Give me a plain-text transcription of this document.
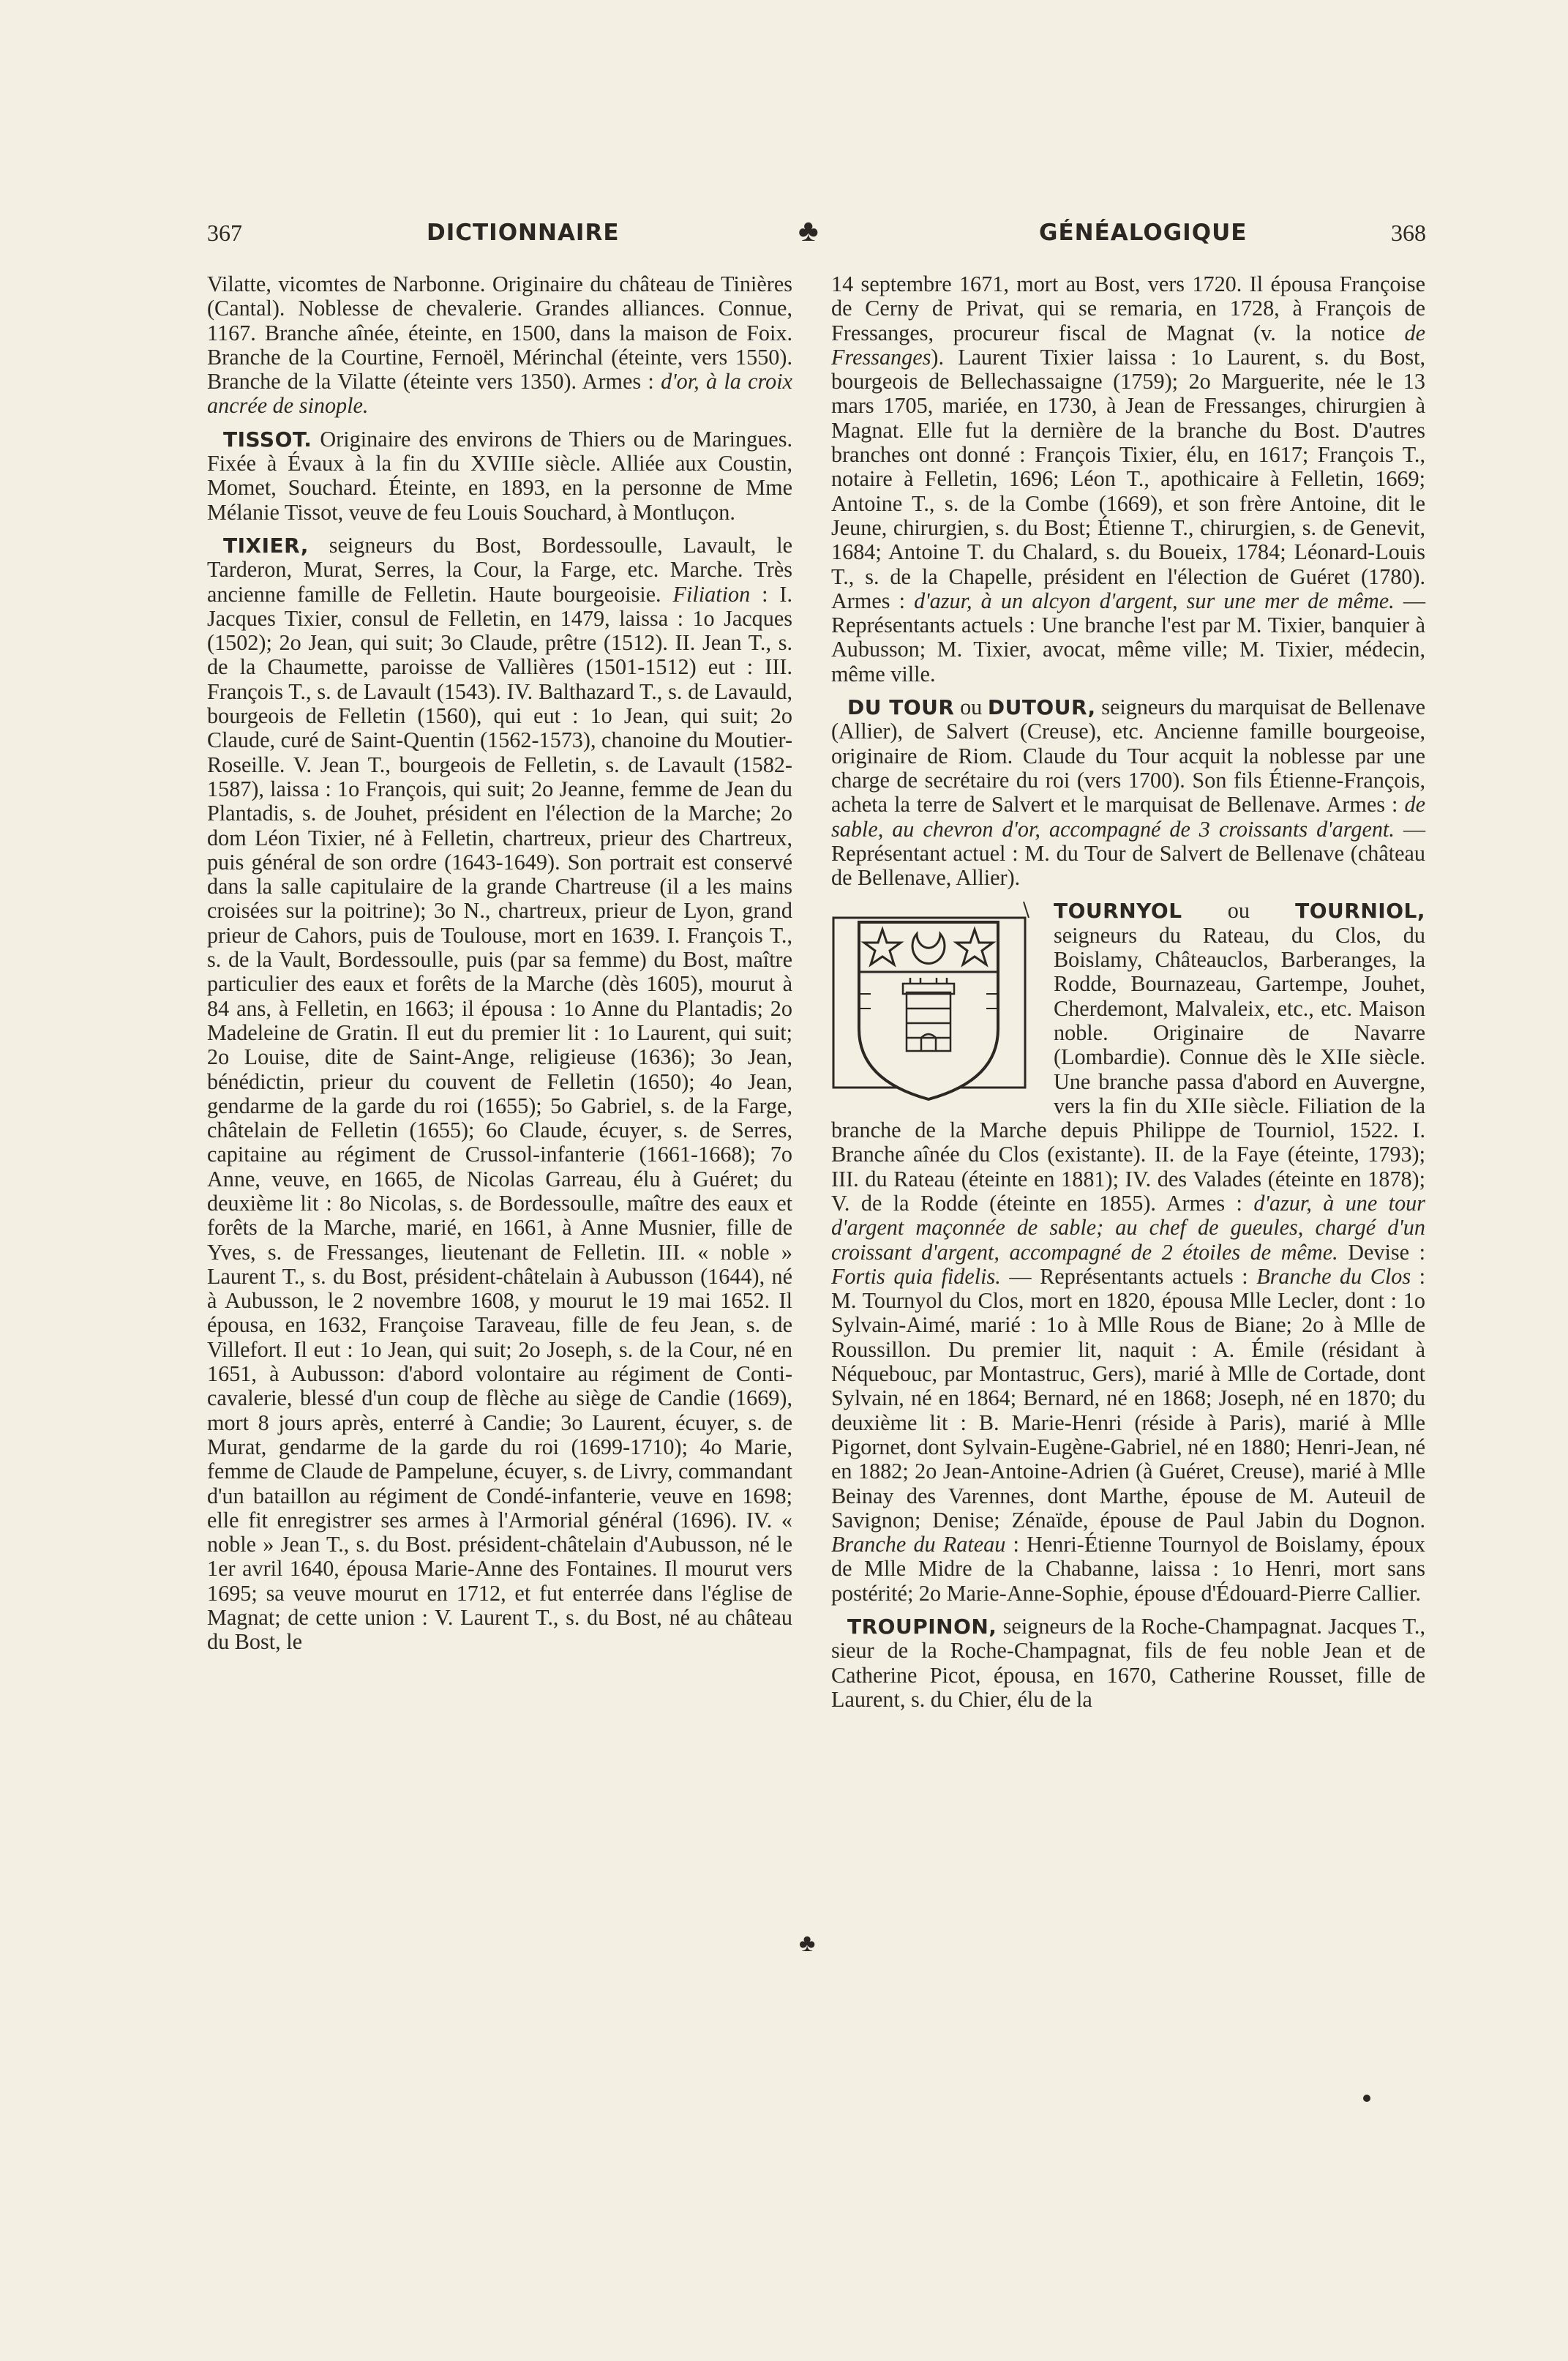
367	DICTIONNAIRE	♣	GÉNÉALOGIQUE	368

Vilatte, vicomtes de Narbonne. Originaire du château de Tinières (Cantal). Noblesse de chevalerie. Grandes alliances. Connue, 1167. Branche aînée, éteinte, en 1500, dans la maison de Foix. Branche de la Courtine, Fernoël, Mérinchal (éteinte, vers 1550). Branche de la Vilatte (éteinte vers 1350). Armes : d'or, à la croix ancrée de sinople.

TISSOT. Originaire des environs de Thiers ou de Maringues. Fixée à Évaux à la fin du XVIIIe siècle. Alliée aux Coustin, Momet, Souchard. Éteinte, en 1893, en la personne de Mme Mélanie Tissot, veuve de feu Louis Souchard, à Montluçon.

TIXIER, seigneurs du Bost, Bordessoulle, Lavault, le Tarderon, Murat, Serres, la Cour, la Farge, etc. Marche. Très ancienne famille de Felletin. Haute bourgeoisie. Filiation : I. Jacques Tixier, consul de Felletin, en 1479, laissa : 1o Jacques (1502); 2o Jean, qui suit; 3o Claude, prêtre (1512). II. Jean T., s. de la Chaumette, paroisse de Vallières (1501-1512) eut : III. François T., s. de Lavault (1543). IV. Balthazard T., s. de Lavauld, bourgeois de Felletin (1560), qui eut : 1o Jean, qui suit; 2o Claude, curé de Saint-Quentin (1562-1573), chanoine du Moutier-Roseille. V. Jean T., bourgeois de Felletin, s. de Lavault (1582-1587), laissa : 1o François, qui suit; 2o Jeanne, femme de Jean du Plantadis, s. de Jouhet, président en l'élection de la Marche; 2o dom Léon Tixier, né à Felletin, chartreux, prieur des Chartreux, puis général de son ordre (1643-1649). Son portrait est conservé dans la salle capitulaire de la grande Chartreuse (il a les mains croisées sur la poitrine); 3o N., chartreux, prieur de Lyon, grand prieur de Cahors, puis de Toulouse, mort en 1639. I. François T., s. de la Vault, Bordessoulle, puis (par sa femme) du Bost, maître particulier des eaux et forêts de la Marche (dès 1605), mourut à 84 ans, à Felletin, en 1663; il épousa : 1o Anne du Plantadis; 2o Madeleine de Gratin. Il eut du premier lit : 1o Laurent, qui suit; 2o Louise, dite de Saint-Ange, religieuse (1636); 3o Jean, bénédictin, prieur du couvent de Felletin (1650); 4o Jean, gendarme de la garde du roi (1655); 5o Gabriel, s. de la Farge, châtelain de Felletin (1655); 6o Claude, écuyer, s. de Serres, capitaine au régiment de Crussol-infanterie (1661-1668); 7o Anne, veuve, en 1665, de Nicolas Garreau, élu à Guéret; du deuxième lit : 8o Nicolas, s. de Bordessoulle, maître des eaux et forêts de la Marche, marié, en 1661, à Anne Musnier, fille de Yves, s. de Fressanges, lieutenant de Felletin. III. « noble » Laurent T., s. du Bost, président-châtelain à Aubusson (1644), né à Aubusson, le 2 novembre 1608, y mourut le 19 mai 1652. Il épousa, en 1632, Françoise Taraveau, fille de feu Jean, s. de Villefort. Il eut : 1o Jean, qui suit; 2o Joseph, s. de la Cour, né en 1651, à Aubusson: d'abord volontaire au régiment de Conti-cavalerie, blessé d'un coup de flèche au siège de Candie (1669), mort 8 jours après, enterré à Candie; 3o Laurent, écuyer, s. de Murat, gendarme de la garde du roi (1699-1710); 4o Marie, femme de Claude de Pampelune, écuyer, s. de Livry, commandant d'un bataillon au régiment de Condé-infanterie, veuve en 1698; elle fit enregistrer ses armes à l'Armorial général (1696). IV. « noble » Jean T., s. du Bost. président-châtelain d'Aubusson, né le 1er avril 1640, épousa Marie-Anne des Fontaines. Il mourut vers 1695; sa veuve mourut en 1712, et fut enterrée dans l'église de Magnat; de cette union : V. Laurent T., s. du Bost, né au château du Bost, le

♣

14 septembre 1671, mort au Bost, vers 1720. Il épousa Françoise de Cerny de Privat, qui se remaria, en 1728, à François de Fressanges, procureur fiscal de Magnat (v. la notice de Fressanges). Laurent Tixier laissa : 1o Laurent, s. du Bost, bourgeois de Bellechassaigne (1759); 2o Marguerite, née le 13 mars 1705, mariée, en 1730, à Jean de Fressanges, chirurgien à Magnat. Elle fut la dernière de la branche du Bost. D'autres branches ont donné : François Tixier, élu, en 1617; François T., notaire à Felletin, 1696; Léon T., apothicaire à Felletin, 1669; Antoine T., s. de la Combe (1669), et son frère Antoine, dit le Jeune, chirurgien, s. du Bost; Étienne T., chirurgien, s. de Genevit, 1684; Antoine T. du Chalard, s. du Boueix, 1784; Léonard-Louis T., s. de la Chapelle, président en l'élection de Guéret (1780). Armes : d'azur, à un alcyon d'argent, sur une mer de même. — Représentants actuels : Une branche l'est par M. Tixier, banquier à Aubusson; M. Tixier, avocat, même ville; M. Tixier, médecin, même ville.

DU TOUR ou DUTOUR, seigneurs du marquisat de Bellenave (Allier), de Salvert (Creuse), etc. Ancienne famille bourgeoise, originaire de Riom. Claude du Tour acquit la noblesse par une charge de secrétaire du roi (vers 1700). Son fils Étienne-François, acheta la terre de Salvert et le marquisat de Bellenave. Armes : de sable, au chevron d'or, accompagné de 3 croissants d'argent. — Représentant actuel : M. du Tour de Salvert de Bellenave (château de Bellenave, Allier).

TOURNYOL ou TOURNIOL, seigneurs du Rateau, du Clos, du Boislamy, Châteauclos, Barberanges, la Rodde, Bournazeau, Gartempe, Jouhet, Cherdemont, Malvaleix, etc., etc. Maison noble. Originaire de Navarre (Lombardie). Connue dès le XIIe siècle. Une branche passa d'abord en Auvergne, vers la fin du XIIe siècle. Filiation de la branche de la Marche depuis Philippe de Tourniol, 1522. I. Branche aînée du Clos (existante). II. de la Faye (éteinte, 1793); III. du Rateau (éteinte en 1881); IV. des Valades (éteinte en 1878); V. de la Rodde (éteinte en 1855). Armes : d'azur, à une tour d'argent maçonnée de sable; au chef de gueules, chargé d'un croissant d'argent, accompagné de 2 étoiles de même. Devise : Fortis quia fidelis. — Représentants actuels : Branche du Clos : M. Tournyol du Clos, mort en 1820, épousa Mlle Lecler, dont : 1o Sylvain-Aimé, marié : 1o à Mlle Rous de Biane; 2o à Mlle de Roussillon. Du premier lit, naquit : A. Émile (résidant à Néquebouc, par Montastruc, Gers), marié à Mlle de Cortade, dont Sylvain, né en 1864; Bernard, né en 1868; Joseph, né en 1870; du deuxième lit : B. Marie-Henri (réside à Paris), marié à Mlle Pigornet, dont Sylvain-Eugène-Gabriel, né en 1880; Henri-Jean, né en 1882; 2o Jean-Antoine-Adrien (à Guéret, Creuse), marié à Mlle Beinay des Varennes, dont Marthe, épouse de M. Auteuil de Savignon; Denise; Zénaïde, épouse de Paul Jabin du Dognon. Branche du Rateau : Henri-Étienne Tournyol de Boislamy, époux de Mlle Midre de la Chabanne, laissa : 1o Henri, mort sans postérité; 2o Marie-Anne-Sophie, épouse d'Édouard-Pierre Callier.

TROUPINON, seigneurs de la Roche-Champagnat. Jacques T., sieur de la Roche-Champagnat, fils de feu noble Jean et de Catherine Picot, épousa, en 1670, Catherine Rousset, fille de Laurent, s. du Chier, élu de la
